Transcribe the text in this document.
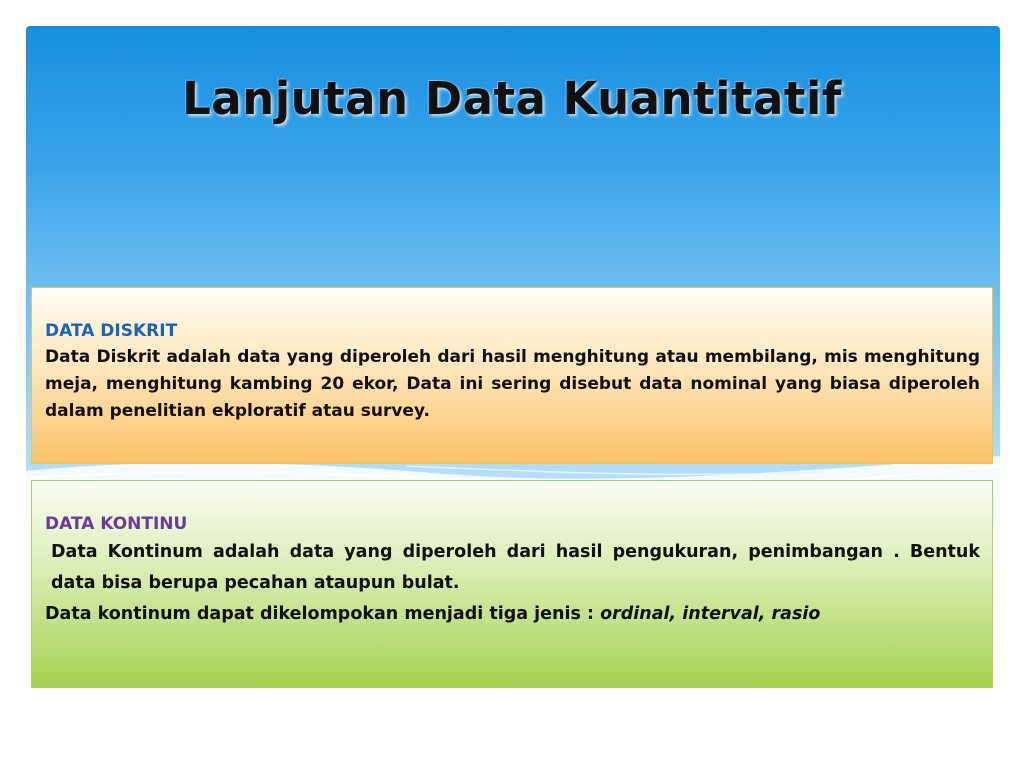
Lanjutan Data Kuantitatif
DATA DISKRIT

Data Diskrit adalah data yang diperoleh dari hasil menghitung atau membilang, mis menghitung meja, menghitung kambing 20 ekor, Data ini sering disebut data nominal yang biasa diperoleh dalam penelitian ekploratif atau survey.

DATA KONTINU

Data Kontinum adalah data yang diperoleh dari hasil pengukuran, penimbangan . Bentuk data bisa berupa pecahan ataupun bulat.

Data kontinum dapat dikelompokan menjadi tiga jenis : ordinal, interval, rasio
